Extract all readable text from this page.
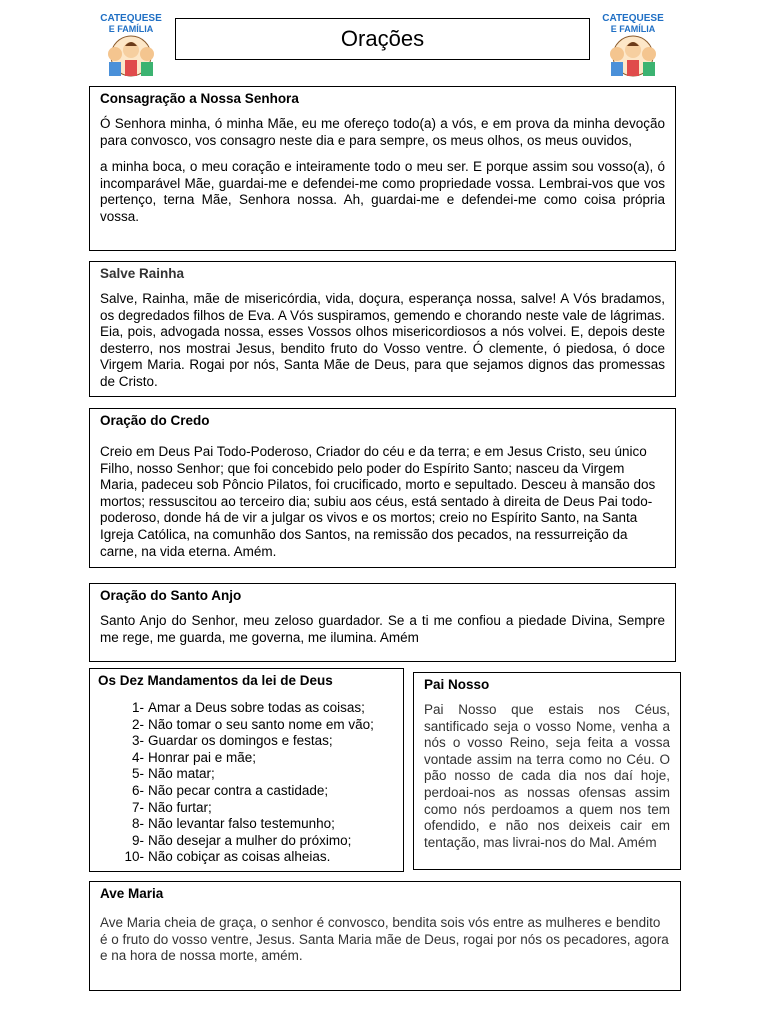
CATEQUESE
E FAMÍLIA
CATEQUESE
E FAMÍLIA
Orações
Consagração a Nossa Senhora

Ó Senhora minha, ó minha Mãe, eu me ofereço todo(a) a vós, e em prova da minha devoção para convosco, vos consagro neste dia e para sempre, os meus olhos, os meus ouvidos,

a minha boca, o meu coração e inteiramente todo o meu ser. E porque assim sou vosso(a), ó incomparável Mãe, guardai-me e defendei-me como propriedade vossa. Lembrai-vos que vos pertenço, terna Mãe, Senhora nossa. Ah, guardai-me e defendei-me como coisa própria vossa.

Salve Rainha

Salve, Rainha, mãe de misericórdia, vida, doçura, esperança nossa, salve! A Vós bradamos, os degredados filhos de Eva. A Vós suspiramos, gemendo e chorando neste vale de lágrimas. Eia, pois, advogada nossa, esses Vossos olhos misericordiosos a nós volvei. E, depois deste desterro, nos mostrai Jesus, bendito fruto do Vosso ventre. Ó clemente, ó piedosa, ó doce Virgem Maria. Rogai por nós, Santa Mãe de Deus, para que sejamos dignos das promessas de Cristo.

Oração do Credo

Creio em Deus Pai Todo-Poderoso, Criador do céu e da terra; e em Jesus Cristo, seu único Filho, nosso Senhor; que foi concebido pelo poder do Espírito Santo; nasceu da Virgem Maria, padeceu sob Pôncio Pilatos, foi crucificado, morto e sepultado. Desceu à mansão dos mortos; ressuscitou ao terceiro dia; subiu aos céus, está sentado à direita de Deus Pai todo-poderoso, donde há de vir a julgar os vivos e os mortos; creio no Espírito Santo, na Santa Igreja Católica, na comunhão dos Santos, na remissão dos pecados, na ressurreição da carne, na vida eterna. Amém.

Oração do Santo Anjo

Santo Anjo do Senhor, meu zeloso guardador. Se a ti me confiou a piedade Divina, Sempre me rege, me guarda, me governa, me ilumina. Amém

Os Dez Mandamentos da lei de Deus
1- Amar a Deus sobre todas as coisas;
2- Não tomar o seu santo nome em vão;
3- Guardar os domingos e festas;
4- Honrar pai e mãe;
5- Não matar;
6- Não pecar contra a castidade;
7- Não furtar;
8- Não levantar falso testemunho;
9- Não desejar a mulher do próximo;
10- Não cobiçar as coisas alheias.
Pai Nosso

Pai Nosso que estais nos Céus, santificado seja o vosso Nome, venha a nós o vosso Reino, seja feita a vossa vontade assim na terra como no Céu. O pão nosso de cada dia nos daí hoje, perdoai-nos as nossas ofensas assim como nós perdoamos a quem nos tem ofendido, e não nos deixeis cair em tentação, mas livrai-nos do Mal. Amém

Ave Maria

Ave Maria cheia de graça, o senhor é convosco, bendita sois vós entre as mulheres e bendito é o fruto do vosso ventre, Jesus. Santa Maria mãe de Deus, rogai por nós os pecadores, agora e na hora de nossa morte, amém.
